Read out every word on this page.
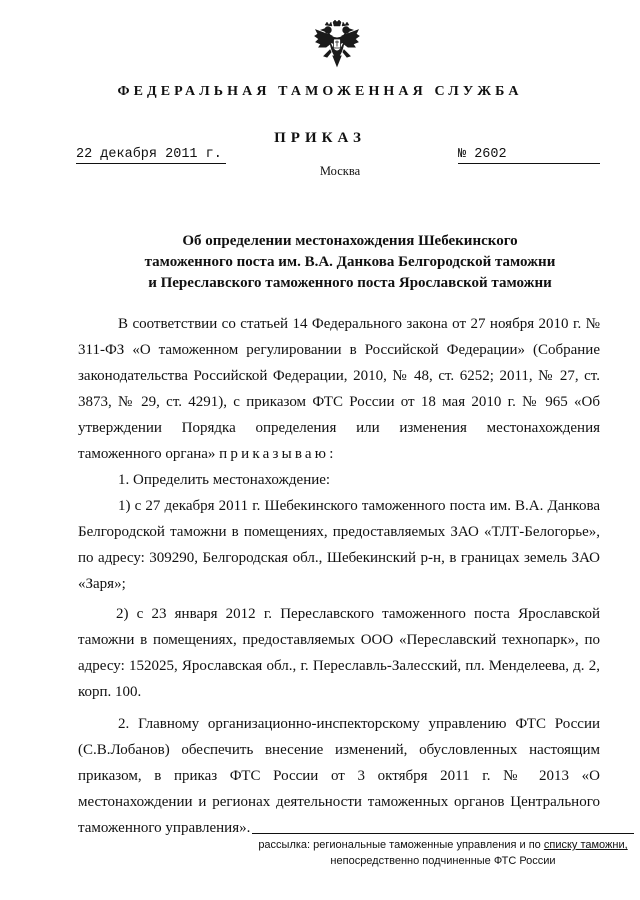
ФЕДЕРАЛЬНАЯ ТАМОЖЕННАЯ СЛУЖБА
ПРИКАЗ
22 декабря 2011 г.	№ 2602
Москва
Об определении местонахождения Шебекинского
таможенного поста им. В.А. Данкова Белгородской таможни
и Переславского таможенного поста Ярославской таможни

В соответствии со статьей 14 Федерального закона от 27 ноября 2010 г. № 311-ФЗ «О таможенном регулировании в Российской Федерации» (Собрание законодательства Российской Федерации, 2010, № 48, ст. 6252; 2011, № 27, ст. 3873, № 29, ст. 4291), с приказом ФТС России от 18 мая 2010 г. № 965 «Об утверждении Порядка определения или изменения местонахождения таможенного органа» приказываю:

1. Определить местонахождение:

1) с 27 декабря 2011 г. Шебекинского таможенного поста им. В.А. Данкова Белгородской таможни в помещениях, предоставляемых ЗАО «ТЛТ-Белогорье», по адресу: 309290, Белгородская обл., Шебекинский р-н, в границах земель ЗАО «Заря»;

2) с 23 января 2012 г. Переславского таможенного поста Ярославской таможни в помещениях, предоставляемых ООО «Переславский технопарк», по адресу: 152025, Ярославская обл., г. Переславль-Залесский, пл. Менделеева, д. 2, корп. 100.

2. Главному организационно-инспекторскому управлению ФТС России (С.В.Лобанов) обеспечить внесение изменений, обусловленных настоящим приказом, в приказ ФТС России от 3 октября 2011 г. № 2013 «О местонахождении и регионах деятельности таможенных органов Центрального таможенного управления».

рассылка: региональные таможенные управления и по списку таможни,
непосредственно подчиненные ФТС России
